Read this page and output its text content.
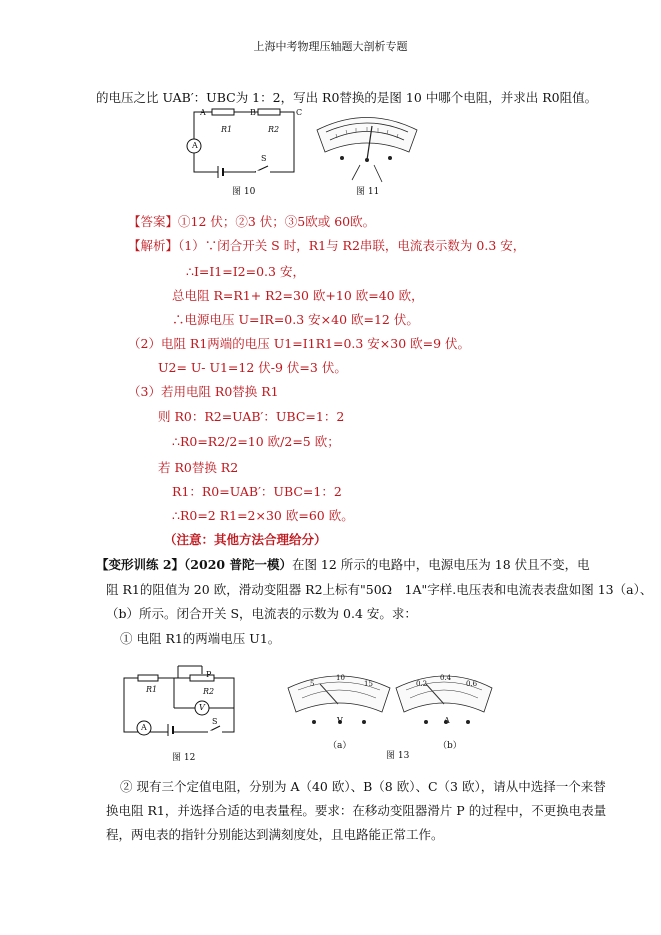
上海中考物理压轴题大剖析专题
的电压之比 UAB′：UBC为 1：2，写出 R0替换的是图 10 中哪个电阻，并求出 R0阻值。
A	B	C
R1	R2
A
S
图 10	图 11
【答案】①12 伏；②3 伏；③5欧或 60欧。
【解析】（1）∵闭合开关 S 时，R1与 R2串联，电流表示数为 0.3 安，
∴I=I1=I2=0.3 安，
总电阻 R=R1+ R2=30 欧+10 欧=40 欧，
∴电源电压 U=IR=0.3 安×40 欧=12 伏。
（2）电阻 R1两端的电压 U1=I1R1=0.3 安×30 欧=9 伏。
U2= U- U1=12 伏-9 伏=3 伏。
（3）若用电阻 R0替换 R1
则 R0：R2=UAB′：UBC=1：2
∴R0=R2/2=10 欧/2=5 欧；
若 R0替换 R2
R1：R0=UAB′：UBC=1：2
∴R0=2 R1=2×30 欧=60 欧。
（注意：其他方法合理给分）
【变形训练 2】（2020 普陀一模）在图 12 所示的电路中，电源电压为 18 伏且不变，电
阻 R1的阻值为 20 欧，滑动变阻器 R2上标有"50Ω　1A"字样.电压表和电流表表盘如图 13（a）、
（b）所示。闭合开关 S，电流表的示数为 0.4 安。求：
① 电阻 R1的两端电压 U1。
R1
P
R2
V
A
S
图 12
5
10
15
V
0.2
0.4
0.6
A
（a）	（b）
图 13
② 现有三个定值电阻，分别为 A（40 欧）、B（8 欧）、C（3 欧），请从中选择一个来替
换电阻 R1，并选择合适的电表量程。要求：在移动变阻器滑片 P 的过程中，不更换电表量
程，两电表的指针分别能达到满刻度处，且电路能正常工作。
